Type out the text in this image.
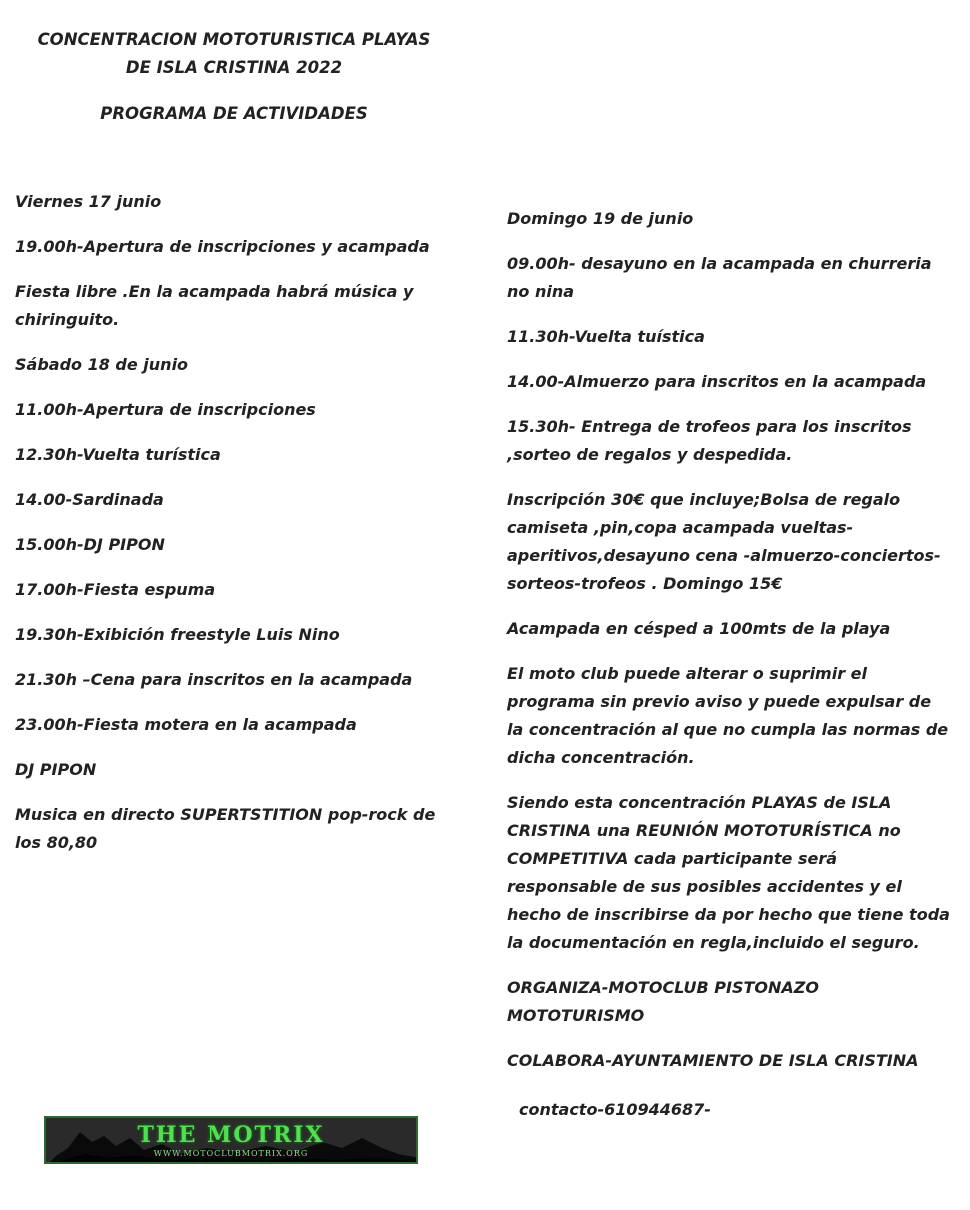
CONCENTRACION MOTOTURISTICA PLAYAS
DE ISLA CRISTINA 2022
PROGRAMA DE ACTIVIDADES

Viernes 17 junio

19.00h-Apertura de inscripciones y acampada

Fiesta libre .En la acampada habrá música y chiringuito.

Sábado 18 de junio

11.00h-Apertura de inscripciones

12.30h-Vuelta turística

14.00-Sardinada

15.00h-DJ PIPON

17.00h-Fiesta espuma

19.30h-Exibición freestyle Luis Nino

21.30h –Cena para inscritos en la acampada

23.00h-Fiesta motera en la acampada

DJ PIPON

Musica en directo SUPERTSTITION pop-rock de los 80,80

Domingo 19 de junio

09.00h- desayuno en la acampada en churreria no nina

11.30h-Vuelta tuística

14.00-Almuerzo para inscritos en la acampada

15.30h- Entrega de trofeos para los inscritos ,sorteo de regalos y despedida.

Inscripción 30€ que incluye;Bolsa de regalo camiseta ,pin,copa acampada vueltas-aperitivos,desayuno cena -almuerzo-conciertos-sorteos-trofeos . Domingo 15€

Acampada en césped a 100mts de la playa

El moto club puede alterar o suprimir el programa sin previo aviso y puede expulsar de la concentración al que no cumpla las normas de dicha concentración.

Siendo esta concentración PLAYAS de ISLA CRISTINA una REUNIÓN MOTOTURÍSTICA no COMPETITIVA cada participante será responsable de sus posibles accidentes y el hecho de inscribirse da por hecho que tiene toda la documentación en regla,incluido el seguro.

ORGANIZA-MOTOCLUB PISTONAZO MOTOTURISMO

COLABORA-AYUNTAMIENTO DE ISLA CRISTINA

contacto-610944687-

THE MOTRIX
WWW.MOTOCLUBMOTRIX.ORG
